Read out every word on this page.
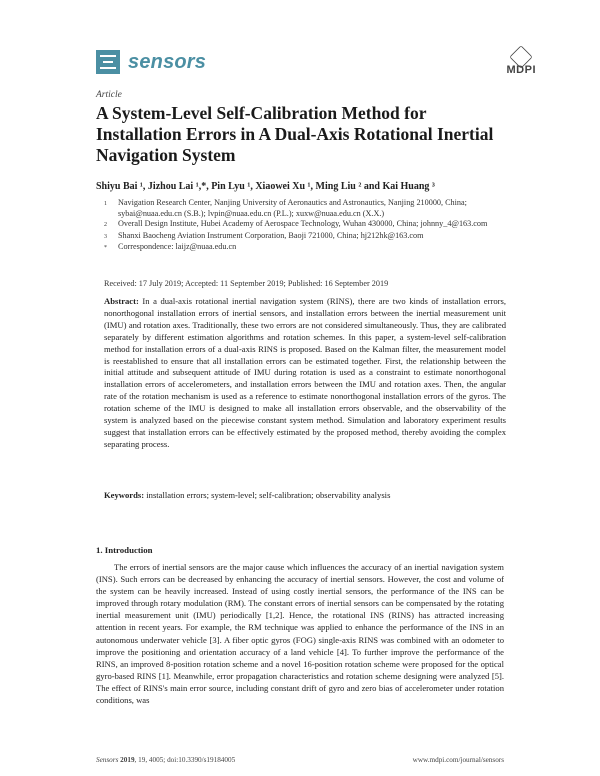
sensors	MDPI
Article
A System-Level Self-Calibration Method for Installation Errors in A Dual-Axis Rotational Inertial Navigation System
Shiyu Bai ¹, Jizhou Lai ¹,*, Pin Lyu ¹, Xiaowei Xu ¹, Ming Liu ² and Kai Huang ³
1	Navigation Research Center, Nanjing University of Aeronautics and Astronautics, Nanjing 210000, China; sybai@nuaa.edu.cn (S.B.); lvpin@nuaa.edu.cn (P.L.); xuxw@nuaa.edu.cn (X.X.)
2	Overall Design Institute, Hubei Academy of Aerospace Technology, Wuhan 430000, China; johnny_4@163.com
3	Shanxi Baocheng Aviation Instrument Corporation, Baoji 721000, China; hj212hk@163.com
*	Correspondence: laijz@nuaa.edu.cn
Received: 17 July 2019; Accepted: 11 September 2019; Published: 16 September 2019
Abstract: In a dual-axis rotational inertial navigation system (RINS), there are two kinds of installation errors, nonorthogonal installation errors of inertial sensors, and installation errors between the inertial measurement unit (IMU) and rotation axes. Traditionally, these two errors are not considered simultaneously. Thus, they are calibrated separately by different estimation algorithms and rotation schemes. In this paper, a system-level self-calibration method for installation errors of a dual-axis RINS is proposed. Based on the Kalman filter, the measurement model is reestablished to ensure that all installation errors can be estimated together. First, the relationship between the initial attitude and subsequent attitude of IMU during rotation is used as a constraint to estimate nonorthogonal installation errors of accelerometers, and installation errors between the IMU and rotation axes. Then, the angular rate of the rotation mechanism is used as a reference to estimate nonorthogonal installation errors of the gyros. The rotation scheme of the IMU is designed to make all installation errors observable, and the observability of the system is analyzed based on the piecewise constant system method. Simulation and laboratory experiment results suggest that installation errors can be effectively estimated by the proposed method, thereby avoiding the complex separating process.
Keywords: installation errors; system-level; self-calibration; observability analysis
1. Introduction

The errors of inertial sensors are the major cause which influences the accuracy of an inertial navigation system (INS). Such errors can be decreased by enhancing the accuracy of inertial sensors. However, the cost and volume of the system can be heavily increased. Instead of using costly inertial sensors, the performance of the INS can be improved through rotary modulation (RM). The constant errors of inertial sensors can be compensated by the rotating inertial measurement unit (IMU) periodically [1,2]. Hence, the rotational INS (RINS) has attracted increasing attention in recent years. For example, the RM technique was applied to enhance the performance of the INS in an autonomous underwater vehicle [3]. A fiber optic gyros (FOG) single-axis RINS was combined with an odometer to improve the positioning and orientation accuracy of a land vehicle [4]. To further improve the performance of the RINS, an improved 8-position rotation scheme and a novel 16-position rotation scheme were proposed for the optical gyro-based RINS [1]. Meanwhile, error propagation characteristics and rotation scheme designing were analyzed [5]. The effect of RINS's main error source, including constant drift of gyro and zero bias of accelerometer under rotation conditions, was

Sensors 2019, 19, 4005; doi:10.3390/s19184005	www.mdpi.com/journal/sensors
